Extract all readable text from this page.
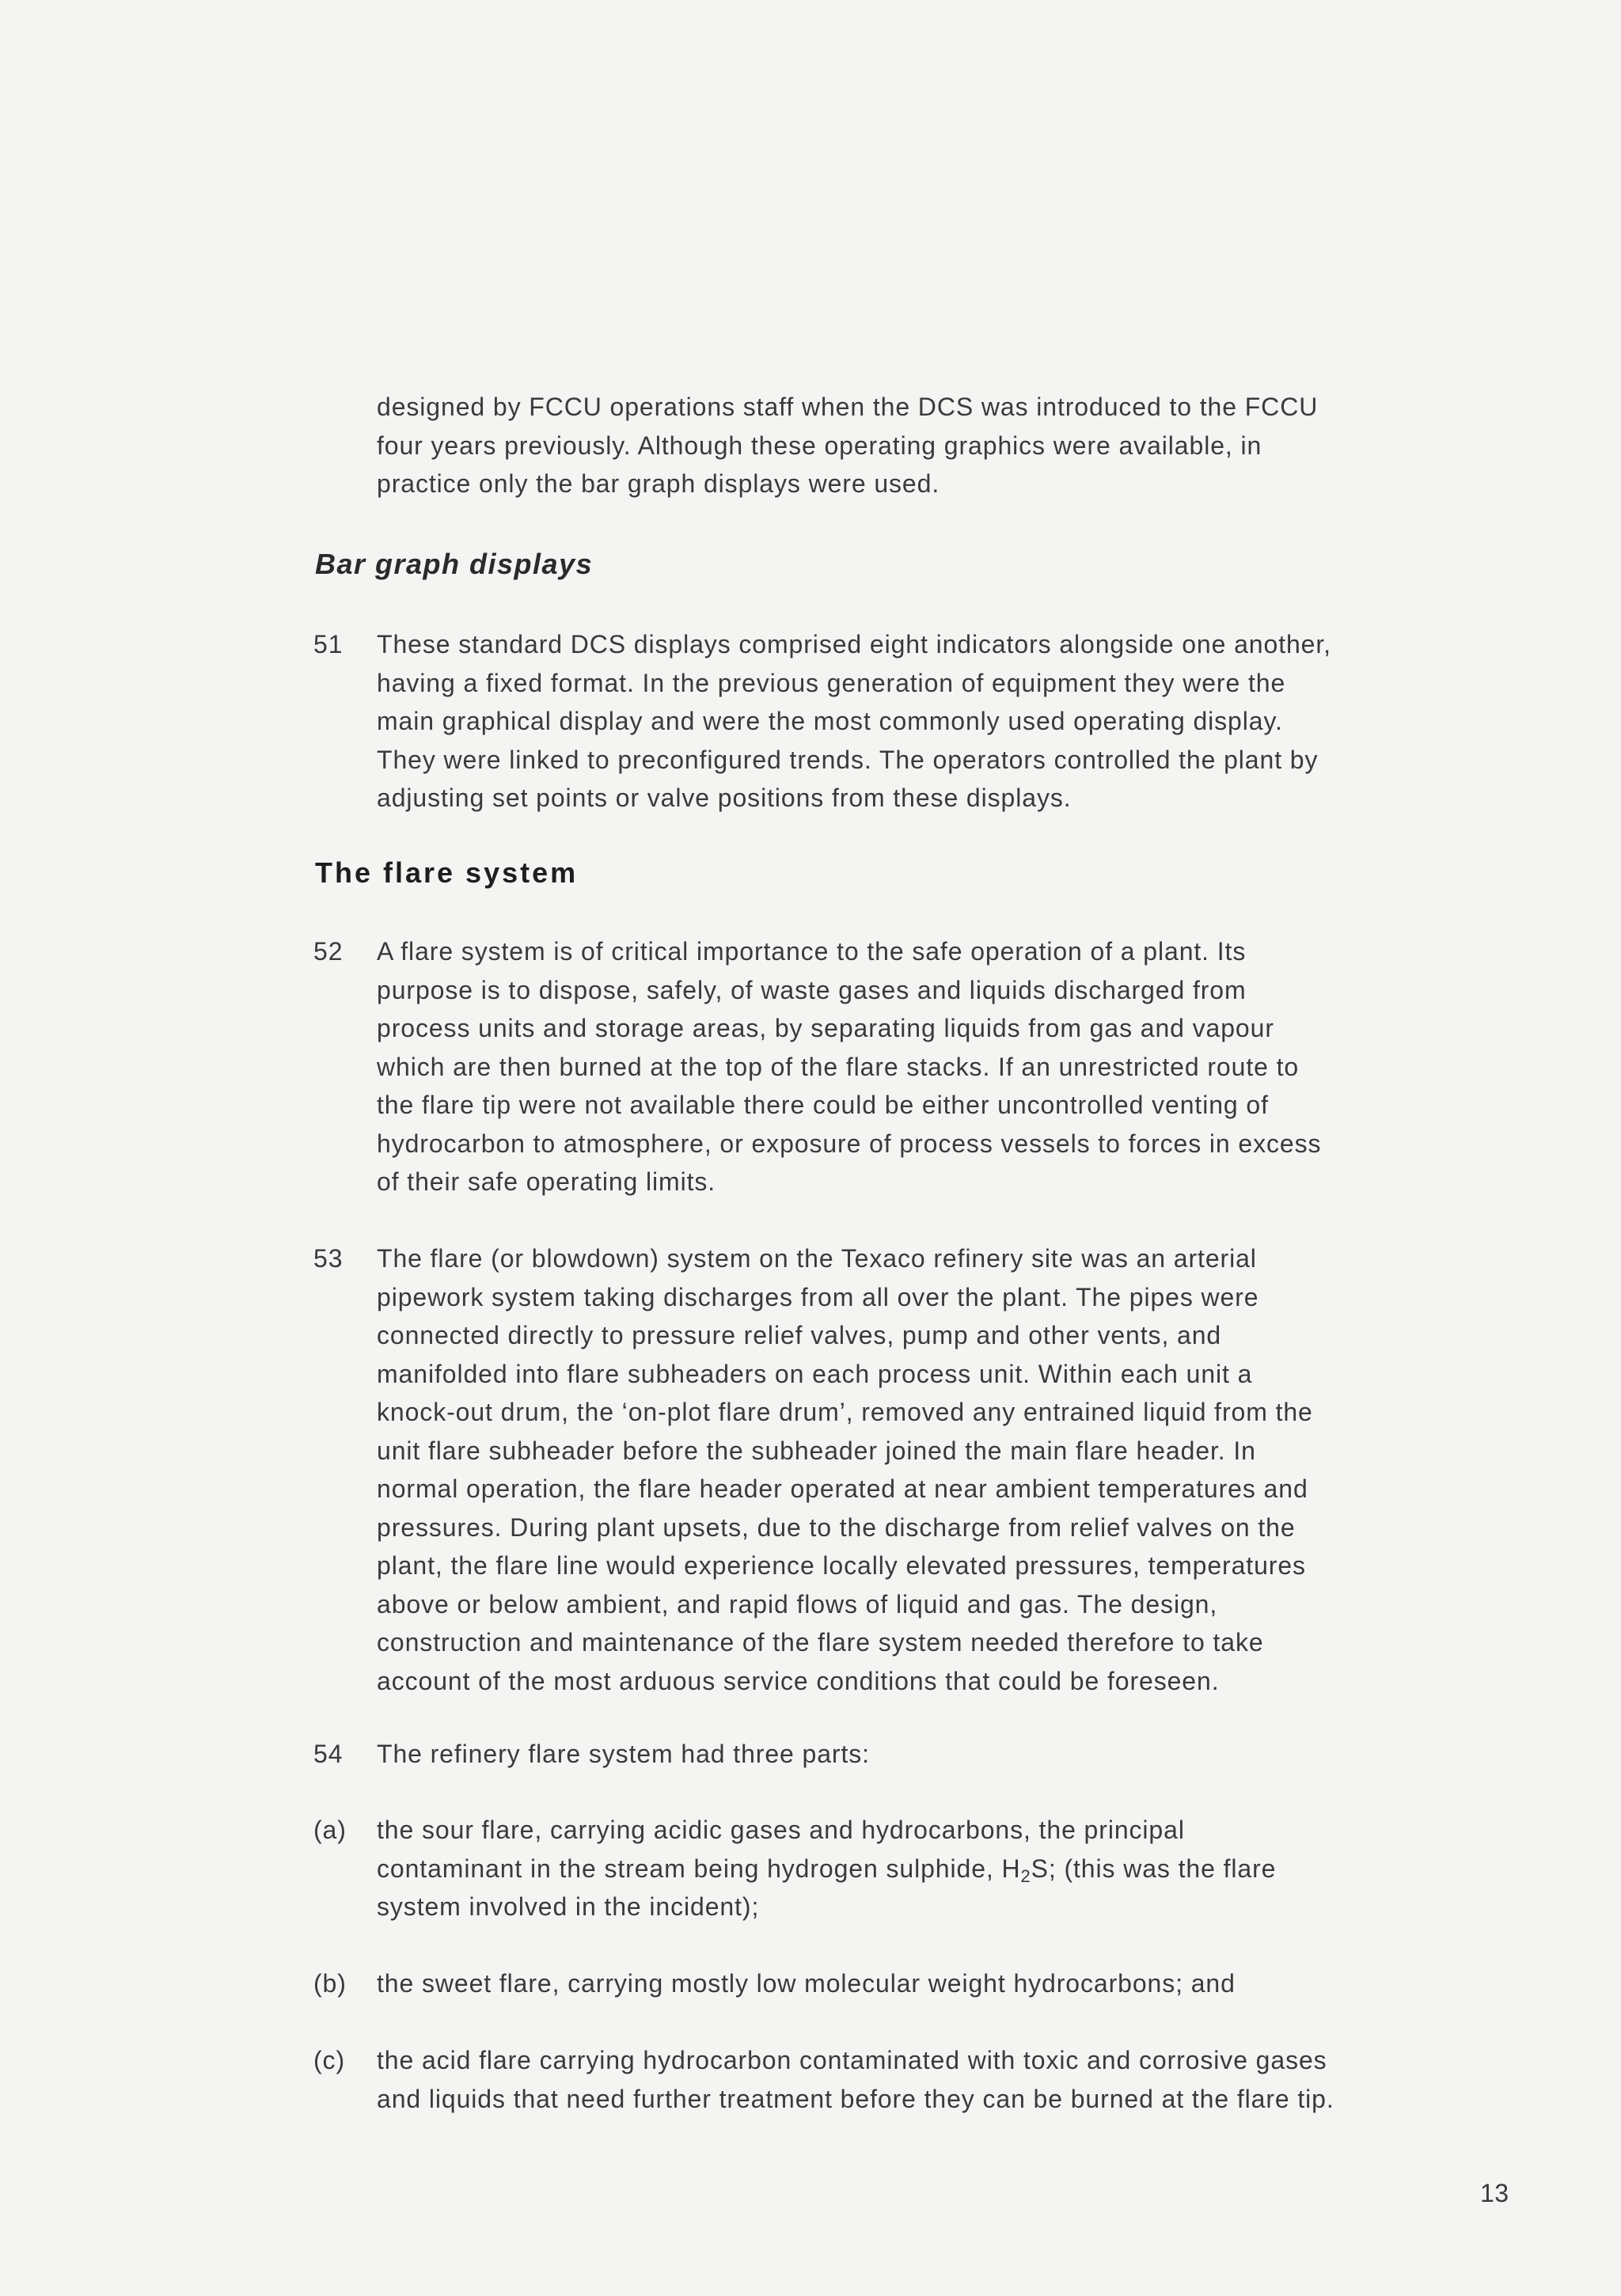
designed by FCCU operations staff when the DCS was introduced to the FCCU
four years previously. Although these operating graphics were available, in
practice only the bar graph displays were used.

Bar graph displays
51 These standard DCS displays comprised eight indicators alongside one another,
having a fixed format. In the previous generation of equipment they were the
main graphical display and were the most commonly used operating display.
They were linked to preconfigured trends. The operators controlled the plant by
adjusting set points or valve positions from these displays.

The flare system
52 A flare system is of critical importance to the safe operation of a plant. Its
purpose is to dispose, safely, of waste gases and liquids discharged from
process units and storage areas, by separating liquids from gas and vapour
which are then burned at the top of the flare stacks. If an unrestricted route to
the flare tip were not available there could be either uncontrolled venting of
hydrocarbon to atmosphere, or exposure of process vessels to forces in excess
of their safe operating limits.

53 The flare (or blowdown) system on the Texaco refinery site was an arterial
pipework system taking discharges from all over the plant. The pipes were
connected directly to pressure relief valves, pump and other vents, and
manifolded into flare subheaders on each process unit. Within each unit a
knock-out drum, the ‘on-plot flare drum’, removed any entrained liquid from the
unit flare subheader before the subheader joined the main flare header. In
normal operation, the flare header operated at near ambient temperatures and
pressures. During plant upsets, due to the discharge from relief valves on the
plant, the flare line would experience locally elevated pressures, temperatures
above or below ambient, and rapid flows of liquid and gas. The design,
construction and maintenance of the flare system needed therefore to take
account of the most arduous service conditions that could be foreseen.

54 The refinery flare system had three parts:

(a) the sour flare, carrying acidic gases and hydrocarbons, the principal
contaminant in the stream being hydrogen sulphide, $H_2S$; (this was the flare
system involved in the incident);

(b) the sweet flare, carrying mostly low molecular weight hydrocarbons; and

(c) the acid flare carrying hydrocarbon contaminated with toxic and corrosive gases
and liquids that need further treatment before they can be burned at the flare tip.

13
